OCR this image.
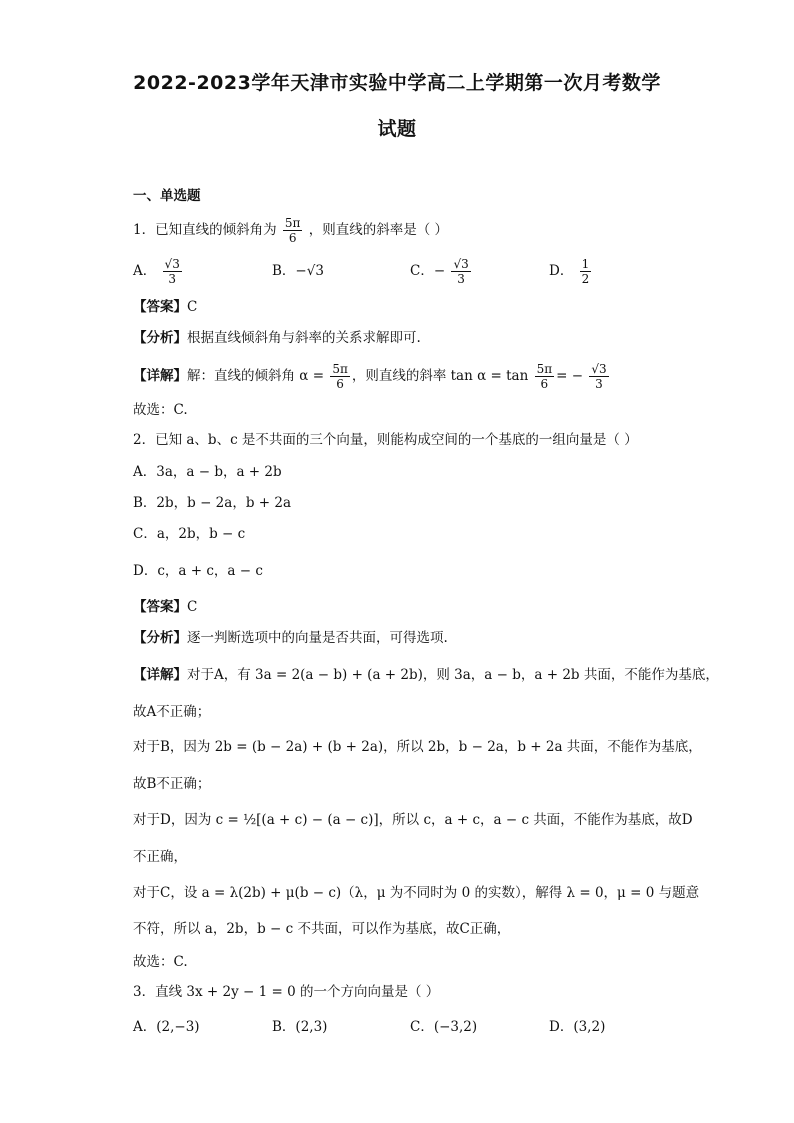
2022-2023学年天津市实验中学高二上学期第一次月考数学
试题
一、单选题
1．已知直线的倾斜角为 $\frac{5\pi}{6}$ ，则直线的斜率是（ ）
A． $\frac{√3}{3}$	B．−√3	C．− $\frac{√3}{3}$	D． $\frac{1}{2}$
【答案】C
【分析】根据直线倾斜角与斜率的关系求解即可.
【详解】解：直线的倾斜角 $\alpha = \frac{5\pi}{6}$ ，则直线的斜率 $\tan \alpha = \tan \frac{5\pi}{6}$ = − $\frac{√3}{3}$
故选：C.
2．已知 a、b、c 是不共面的三个向量，则能构成空间的一个基底的一组向量是（ ）
A．3a，a − b，a + 2b
B．2b，b − 2a，b + 2a
C．a，2b，b − c
D．c，a + c，a − c
【答案】C
【分析】逐一判断选项中的向量是否共面，可得选项.
【详解】对于A，有 3a = 2(a − b) + (a + 2b)，则 3a，a − b，a + 2b 共面，不能作为基底，
故A不正确；
对于B，因为 2b = (b − 2a) + (b + 2a)，所以 2b，b − 2a，b + 2a 共面，不能作为基底，
故B不正确；
对于D，因为 c = ½[(a + c) − (a − c)]，所以 c，a + c，a − c 共面，不能作为基底，故D
不正确，
对于C，设 a = λ(2b) + μ(b − c)（λ，μ 为不同时为 0 的实数），解得 λ = 0，μ = 0 与题意
不符，所以 a，2b，b − c 不共面，可以作为基底，故C正确，
故选：C.
3．直线 3x + 2y − 1 = 0 的一个方向向量是（ ）
A．(2,−3)	B．(2,3)	C．(−3,2)	D．(3,2)
